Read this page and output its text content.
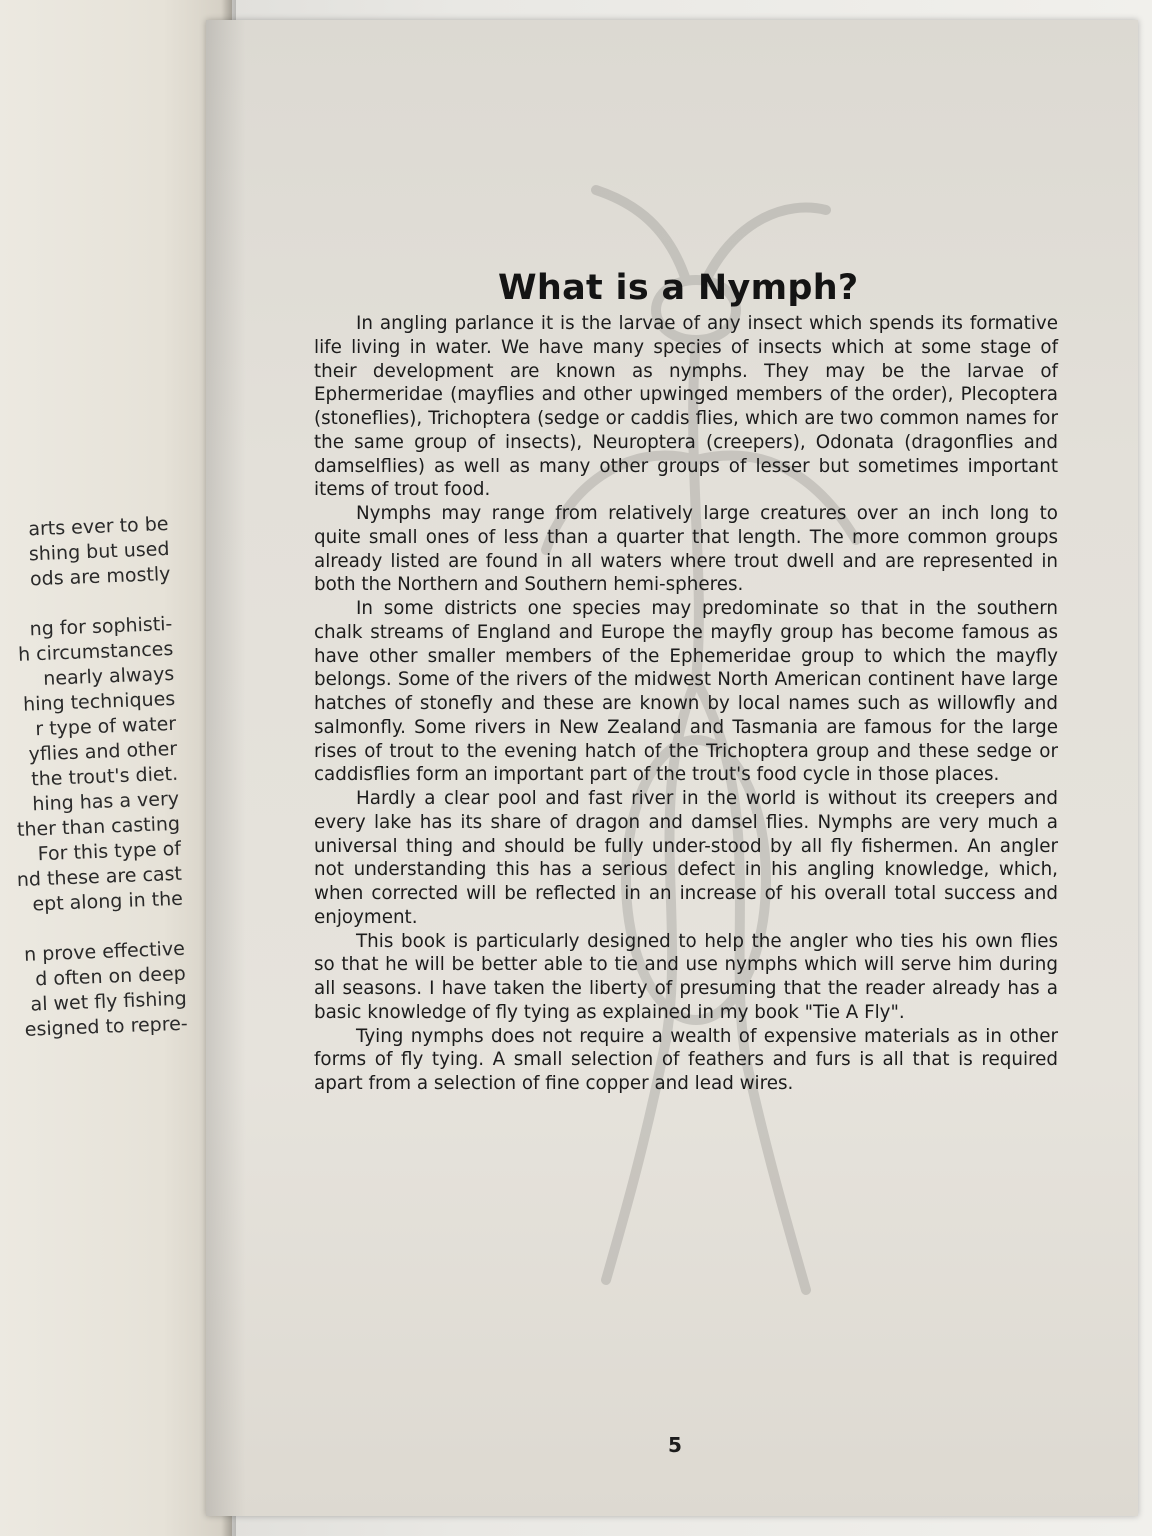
arts ever to be
shing but used
ods are mostly
ng for sophisti-
h circumstances
nearly always
hing techniques
r type of water
yflies and other
the trout's diet.
hing has a very
ther than casting
For this type of
nd these are cast
ept along in the
n prove effective
d often on deep
al wet fly fishing
esigned to repre-
What is a Nymph?

In angling parlance it is the larvae of any insect which spends its formative life living in water. We have many species of insects which at some stage of their development are known as nymphs. They may be the larvae of Ephermeridae (mayflies and other upwinged members of the order), Plecoptera (stoneflies), Trichoptera (sedge or caddis flies, which are two common names for the same group of insects), Neuroptera (creepers), Odonata (dragonflies and damselflies) as well as many other groups of lesser but sometimes important items of trout food.

Nymphs may range from relatively large creatures over an inch long to quite small ones of less than a quarter that length. The more common groups already listed are found in all waters where trout dwell and are represented in both the Northern and Southern hemi-spheres.

In some districts one species may predominate so that in the southern chalk streams of England and Europe the mayfly group has become famous as have other smaller members of the Ephemeridae group to which the mayfly belongs. Some of the rivers of the midwest North American continent have large hatches of stonefly and these are known by local names such as willowfly and salmonfly. Some rivers in New Zealand and Tasmania are famous for the large rises of trout to the evening hatch of the Trichoptera group and these sedge or caddisflies form an important part of the trout's food cycle in those places.

Hardly a clear pool and fast river in the world is without its creepers and every lake has its share of dragon and damsel flies. Nymphs are very much a universal thing and should be fully under-stood by all fly fishermen. An angler not understanding this has a serious defect in his angling knowledge, which, when corrected will be reflected in an increase of his overall total success and enjoyment.

This book is particularly designed to help the angler who ties his own flies so that he will be better able to tie and use nymphs which will serve him during all seasons. I have taken the liberty of presuming that the reader already has a basic knowledge of fly tying as explained in my book "Tie A Fly".

Tying nymphs does not require a wealth of expensive materials as in other forms of fly tying. A small selection of feathers and furs is all that is required apart from a selection of fine copper and lead wires.

5
